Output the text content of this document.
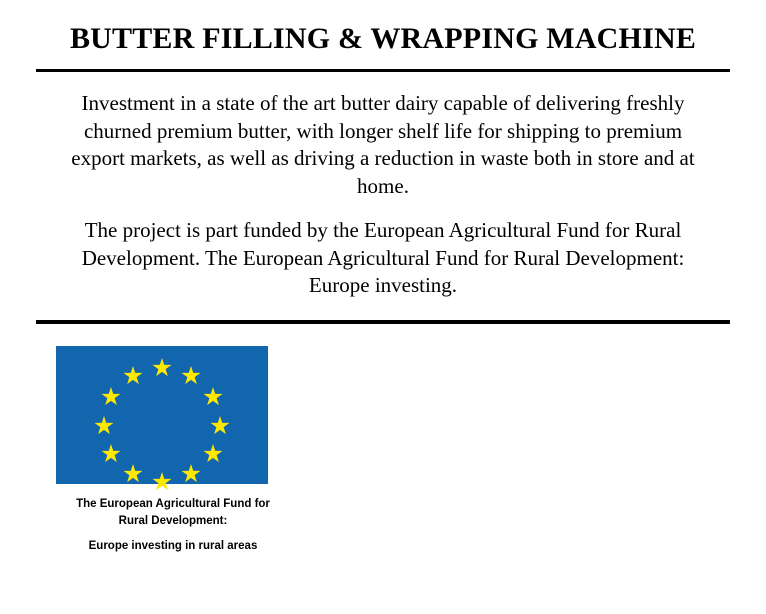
BUTTER FILLING & WRAPPING MACHINE

Investment in a state of the art butter dairy capable of delivering freshly churned premium butter, with longer shelf life for shipping to premium export markets, as well as driving a reduction in waste both in store and at home.

The project is part funded by the European Agricultural Fund for Rural Development. The European Agricultural Fund for Rural Development: Europe investing.

The European Agricultural Fund for
Rural Development:
Europe investing in rural areas
